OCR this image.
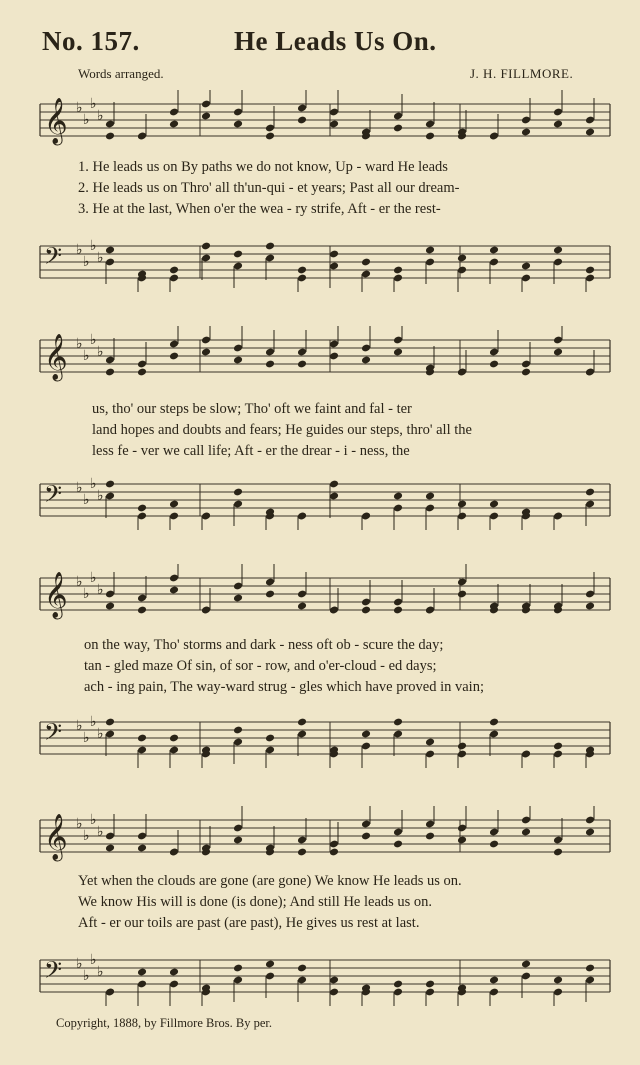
No. 157.	He Leads Us On.
Words arranged.	J. H. FILLMORE.
𝄞 ♭
♭
♭
♭
1. He leads us on By paths we do not know, Up - ward He leads
2. He leads us on Thro' all th'un-qui - et years; Past all our dream-
3. He at the last, When o'er the wea - ry strife, Aft - er the rest-
𝄢 ♭
♭
♭
♭
𝄞 ♭
♭
♭
♭
us, tho' our steps be slow; Tho' oft we faint and fal - ter
land hopes and doubts and fears; He guides our steps, thro' all the
less fe - ver we call life; Aft - er the drear - i - ness, the
𝄢 ♭
♭
♭
♭
𝄞 ♭
♭
♭
♭
on the way, Tho' storms and dark - ness oft ob - scure the day;
tan - gled maze Of sin, of sor - row, and o'er-cloud - ed days;
ach - ing pain, The way-ward strug - gles which have proved in vain;
𝄢 ♭
♭
♭
♭
𝄞 ♭
♭
♭
♭
Yet when the clouds are gone (are gone) We know He leads us on.
We know His will is done (is done); And still He leads us on.
Aft - er our toils are past (are past), He gives us rest at last.
𝄢 ♭
♭
♭
♭
Copyright, 1888, by Fillmore Bros. By per.
